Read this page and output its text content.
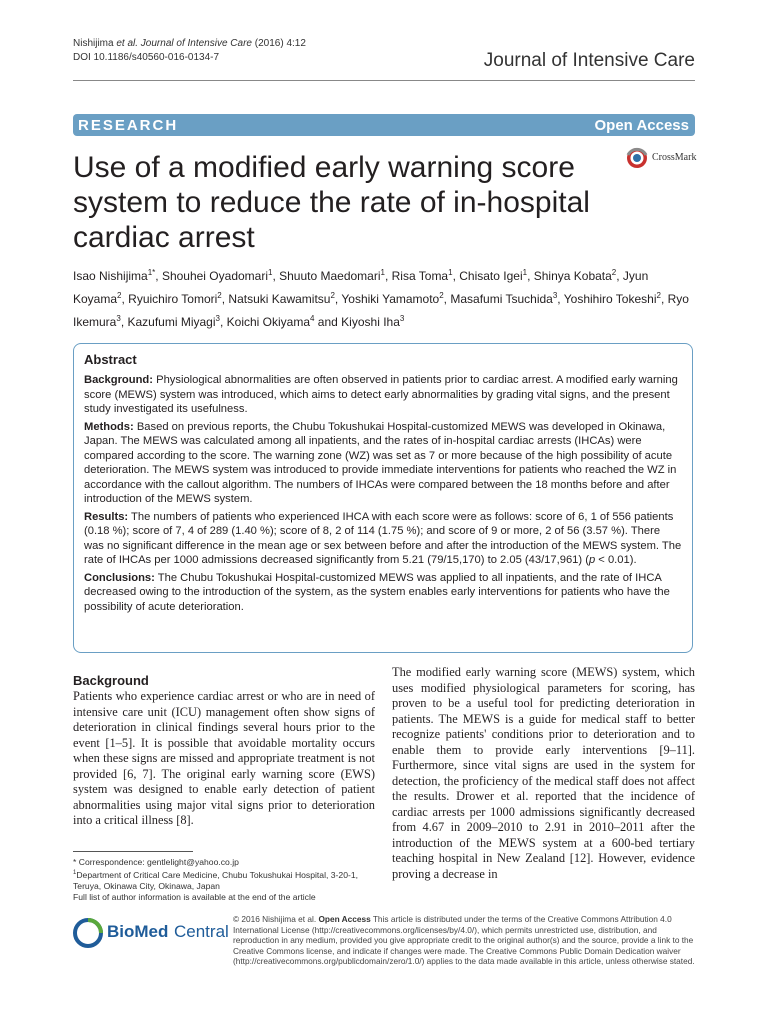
Nishijima et al. Journal of Intensive Care (2016) 4:12
DOI 10.1186/s40560-016-0134-7	Journal of Intensive Care
RESEARCH	Open Access
Use of a modified early warning score system to reduce the rate of in-hospital cardiac arrest
CrossMark
Isao Nishijima$^{1*}$, Shouhei Oyadomari$^1$, Shuuto Maedomari$^1$, Risa Toma$^1$, Chisato Igei$^1$, Shinya Kobata$^2$, Jyun Koyama$^2$, Ryuichiro Tomori$^2$, Natsuki Kawamitsu$^2$, Yoshiki Yamamoto$^2$, Masafumi Tsuchida$^3$, Yoshihiro Tokeshi$^2$, Ryo Ikemura$^3$, Kazufumi Miyagi$^3$, Koichi Okiyama$^4$ and Kiyoshi Iha$^3$
Abstract

Background: Physiological abnormalities are often observed in patients prior to cardiac arrest. A modified early warning score (MEWS) system was introduced, which aims to detect early abnormalities by grading vital signs, and the present study investigated its usefulness.

Methods: Based on previous reports, the Chubu Tokushukai Hospital-customized MEWS was developed in Okinawa, Japan. The MEWS was calculated among all inpatients, and the rates of in-hospital cardiac arrests (IHCAs) were compared according to the score. The warning zone (WZ) was set as 7 or more because of the high possibility of acute deterioration. The MEWS system was introduced to provide immediate interventions for patients who reached the WZ in accordance with the callout algorithm. The numbers of IHCAs were compared between the 18 months before and after introduction of the MEWS system.

Results: The numbers of patients who experienced IHCA with each score were as follows: score of 6, 1 of 556 patients (0.18 %); score of 7, 4 of 289 (1.40 %); score of 8, 2 of 114 (1.75 %); and score of 9 or more, 2 of 56 (3.57 %). There was no significant difference in the mean age or sex between before and after the introduction of the MEWS system. The rate of IHCAs per 1000 admissions decreased significantly from 5.21 (79/15,170) to 2.05 (43/17,961) (p < 0.01).

Conclusions: The Chubu Tokushukai Hospital-customized MEWS was applied to all inpatients, and the rate of IHCA decreased owing to the introduction of the system, as the system enables early interventions for patients who have the possibility of acute deterioration.

Background
Patients who experience cardiac arrest or who are in need of intensive care unit (ICU) management often show signs of deterioration in clinical findings several hours prior to the event [1–5]. It is possible that avoidable mortality occurs when these signs are missed and appropriate treatment is not provided [6, 7]. The original early warning score (EWS) system was designed to enable early detection of patient abnormalities using major vital signs prior to deterioration into a critical illness [8].
The modified early warning score (MEWS) system, which uses modified physiological parameters for scoring, has proven to be a useful tool for predicting deterioration in patients. The MEWS is a guide for medical staff to better recognize patients' conditions prior to deterioration and to enable them to provide early interventions [9–11]. Furthermore, since vital signs are used in the system for detection, the proficiency of the medical staff does not affect the results. Drower et al. reported that the incidence of cardiac arrests per 1000 admissions significantly decreased from 4.67 in 2009–2010 to 2.91 in 2010–2011 after the introduction of the MEWS system at a 600-bed tertiary teaching hospital in New Zealand [12]. However, evidence proving a decrease in
* Correspondence: gentlelight@yahoo.co.jp
$^1$Department of Critical Care Medicine, Chubu Tokushukai Hospital, 3-20-1, Teruya, Okinawa City, Okinawa, Japan
Full list of author information is available at the end of the article
BioMed Central
© 2016 Nishijima et al. Open Access This article is distributed under the terms of the Creative Commons Attribution 4.0 International License (http://creativecommons.org/licenses/by/4.0/), which permits unrestricted use, distribution, and reproduction in any medium, provided you give appropriate credit to the original author(s) and the source, provide a link to the Creative Commons license, and indicate if changes were made. The Creative Commons Public Domain Dedication waiver (http://creativecommons.org/publicdomain/zero/1.0/) applies to the data made available in this article, unless otherwise stated.
